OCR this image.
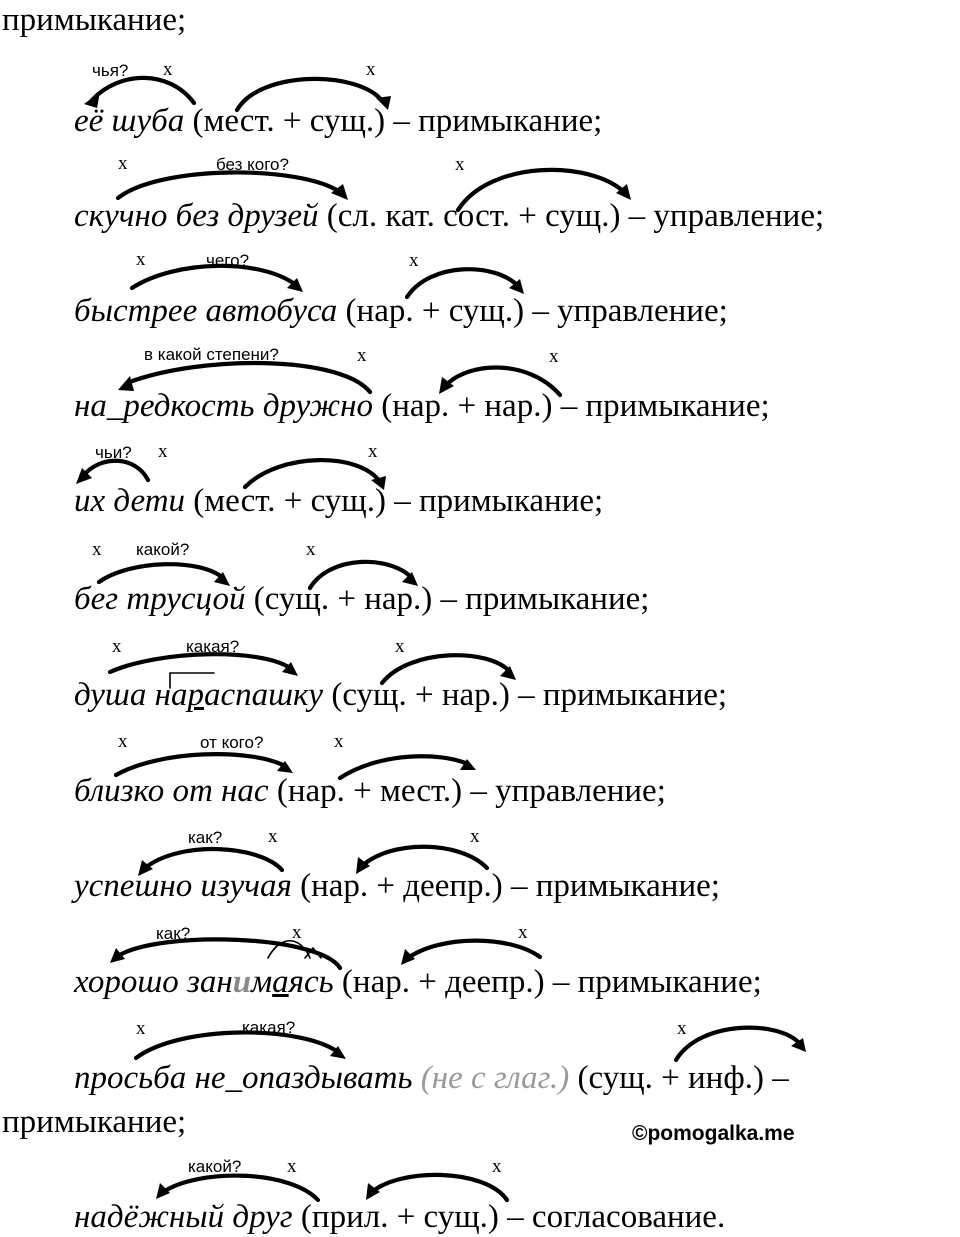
примыкание;
чья? х	х
её шуба (мест. + сущ.) – примыкание;
без кого?
х	х
скучно без друзей (сл. кат. сост. + сущ.) – управление;
чего?
х	х
быстрее автобуса (нар. + сущ.) – управление;
в какой степени?	х	х
на​_редкость дружно (нар. + нар.) – примыкание;
чьи? х	х
их дети (мест. + сущ.) – примыкание;
какой?
х	х
бег трусцой (сущ. + нар.) – примыкание;
какая?
х	х
душа нараспашку (сущ. + нар.) – примыкание;
от кого?
х	х
близко от нас (нар. + мест.) – управление;
как? х	х
успешно изучая (нар. + деепр.) – примыкание;
как?	х	х
хорошо занимаясь (нар. + деепр.) – примыкание;
какая?
х	х
просьба не_опаздывать (не с глаг.) (сущ. + инф.) –
примыкание;	©pomogalka.me
какой? х	х
надёжный друг (прил. + сущ.) – согласование.
